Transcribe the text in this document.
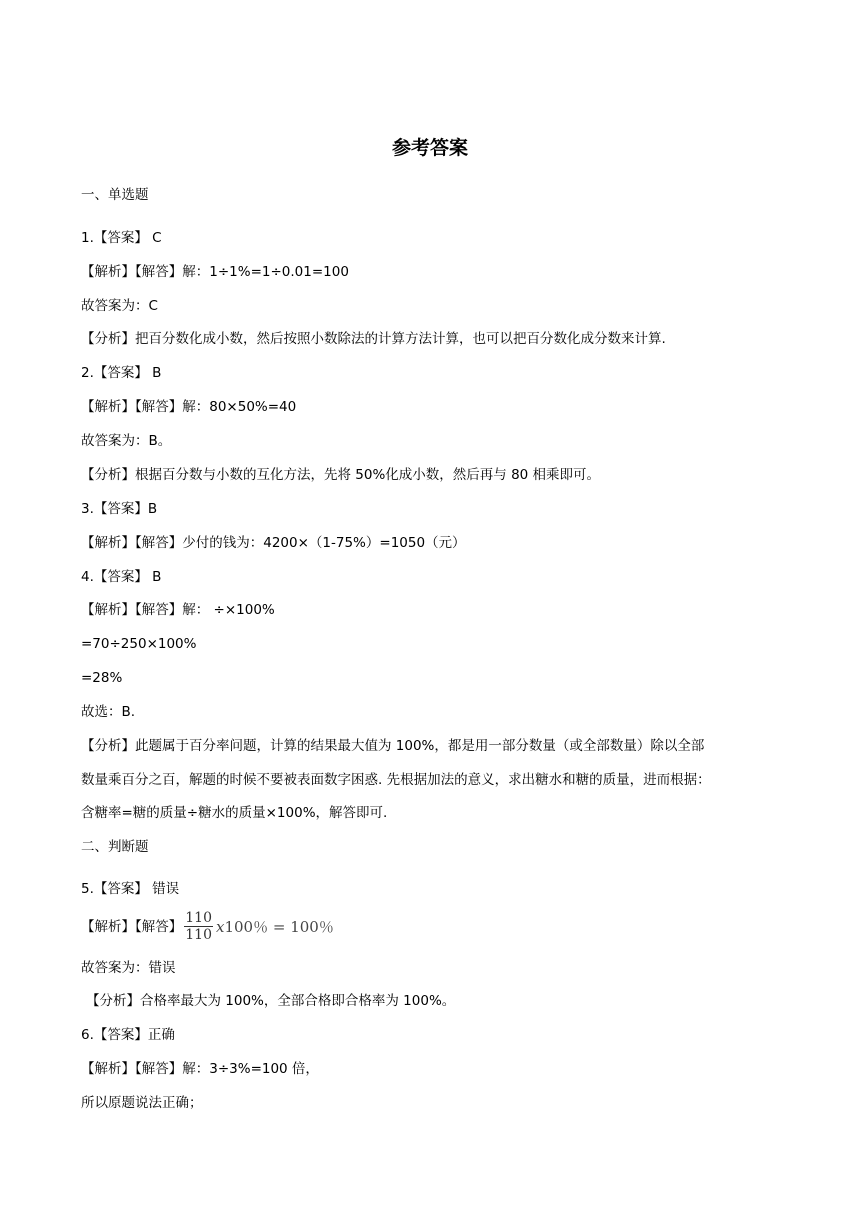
参考答案
一、单选题
1.【答案】 C
【解析】【解答】解：1÷1%=1÷0.01=100
故答案为：C
【分析】把百分数化成小数，然后按照小数除法的计算方法计算，也可以把百分数化成分数来计算.
2.【答案】 B
【解析】【解答】解：80×50%=40
故答案为：B。
【分析】根据百分数与小数的互化方法，先将 50%化成小数，然后再与 80 相乘即可。
3.【答案】B
【解析】【解答】少付的钱为：4200×（1-75%）=1050（元）
4.【答案】 B
【解析】【解答】解： ÷×100%
=70÷250×100%
=28%
故选：B.
【分析】此题属于百分率问题，计算的结果最大值为 100%，都是用一部分数量（或全部数量）除以全部
数量乘百分之百，解题的时候不要被表面数字困惑. 先根据加法的意义，求出糖水和糖的质量，进而根据：
含糖率=糖的质量÷糖水的质量×100%，解答即可.
二、判断题
5.【答案】 错误
【解析】【解答】 $\frac{110}{110} x100$％ = 100％
故答案为：错误
【分析】合格率最大为 100%，全部合格即合格率为 100%。
6.【答案】正确
【解析】【解答】解：3÷3%=100 倍，
所以原题说法正确；
